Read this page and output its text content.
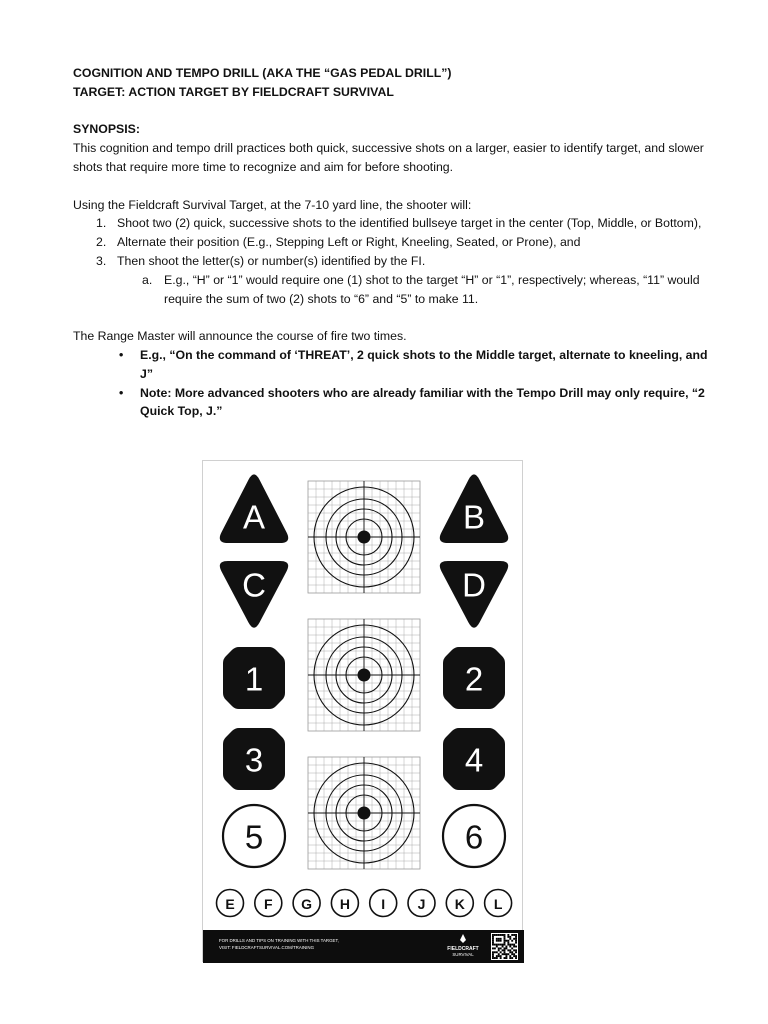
COGNITION AND TEMPO DRILL (AKA THE “GAS PEDAL DRILL”)

TARGET: ACTION TARGET BY FIELDCRAFT SURVIVAL

SYNOPSIS:

This cognition and tempo drill practices both quick, successive shots on a larger, easier to identify target, and slower shots that require more time to recognize and aim for before shooting.

Using the Fieldcraft Survival Target, at the 7-10 yard line, the shooter will:

1. Shoot two (2) quick, successive shots to the identified bullseye target in the center (Top, Middle, or Bottom),
2. Alternate their position (E.g., Stepping Left or Right, Kneeling, Seated, or Prone), and
3. Then shoot the letter(s) or number(s) identified by the FI.
a. E.g., “H” or “1” would require one (1) shot to the target “H” or “1”, respectively; whereas, “11” would require the sum of two (2) shots to “6” and “5” to make 11.

The Range Master will announce the course of fire two times.

• E.g., “On the command of ‘THREAT’, 2 quick shots to the Middle target, alternate to kneeling, and J”
• Note: More advanced shooters who are already familiar with the Tempo Drill may only require, “2 Quick Top, J.”
A	B
C	D
1	2
3	4
5	6
E F G H I J K L
FOR DRILLS AND TIPS ON TRAINING WITH THIS TARGET,
VISIT: FIELDCRAFTSURVIVAL.COM/TRAINING	FIELDCRAFT
SURVIVAL
